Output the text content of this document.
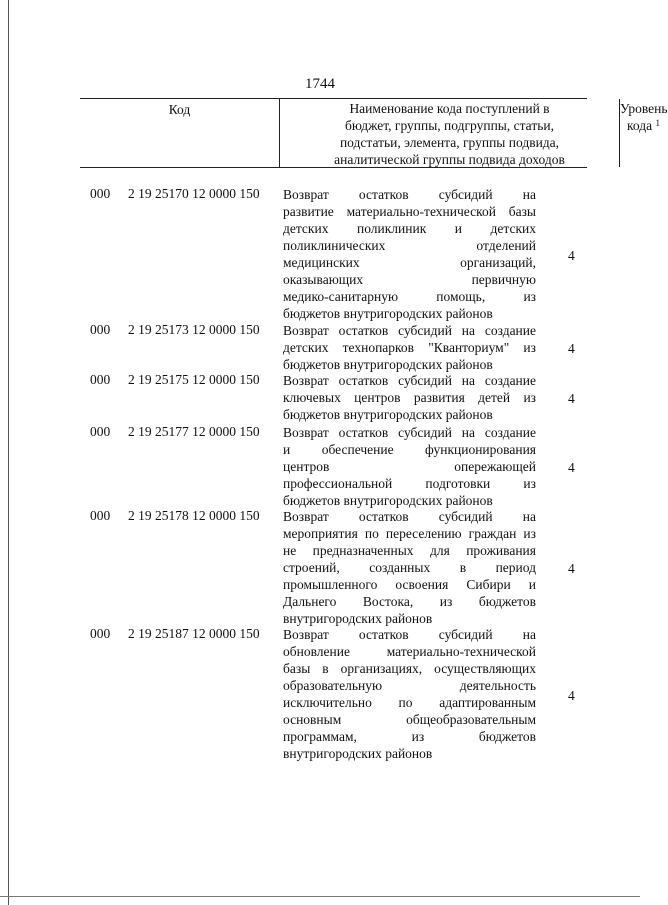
1744
Код	Наименование кода поступлений в
бюджет, группы, подгруппы, статьи,
подстатьи, элемента, группы подвида,
аналитической группы подвида доходов
Уровень
кода $^1$
000 2 19 25170 12 0000 150 Возврат остатков субсидий на
развитие материально-технической базы
детских поликлиник и детских
поликлинических отделений
медицинских организаций,
оказывающих первичную
медико-санитарную помощь, из
бюджетов внутригородских районов
4
000 2 19 25173 12 0000 150 Возврат остатков субсидий на создание
детских технопарков "Кванториум" из
бюджетов внутригородских районов
4
000 2 19 25175 12 0000 150 Возврат остатков субсидий на создание
ключевых центров развития детей из
бюджетов внутригородских районов
4
000 2 19 25177 12 0000 150 Возврат остатков субсидий на создание
и обеспечение функционирования
центров опережающей
профессиональной подготовки из
бюджетов внутригородских районов
4
000 2 19 25178 12 0000 150 Возврат остатков субсидий на
мероприятия по переселению граждан из
не предназначенных для проживания
строений, созданных в период
промышленного освоения Сибири и
Дальнего Востока, из бюджетов
внутригородских районов
4
000 2 19 25187 12 0000 150 Возврат остатков субсидий на
обновление материально-технической
базы в организациях, осуществляющих
образовательную деятельность
исключительно по адаптированным
основным общеобразовательным
программам, из бюджетов
внутригородских районов
4
